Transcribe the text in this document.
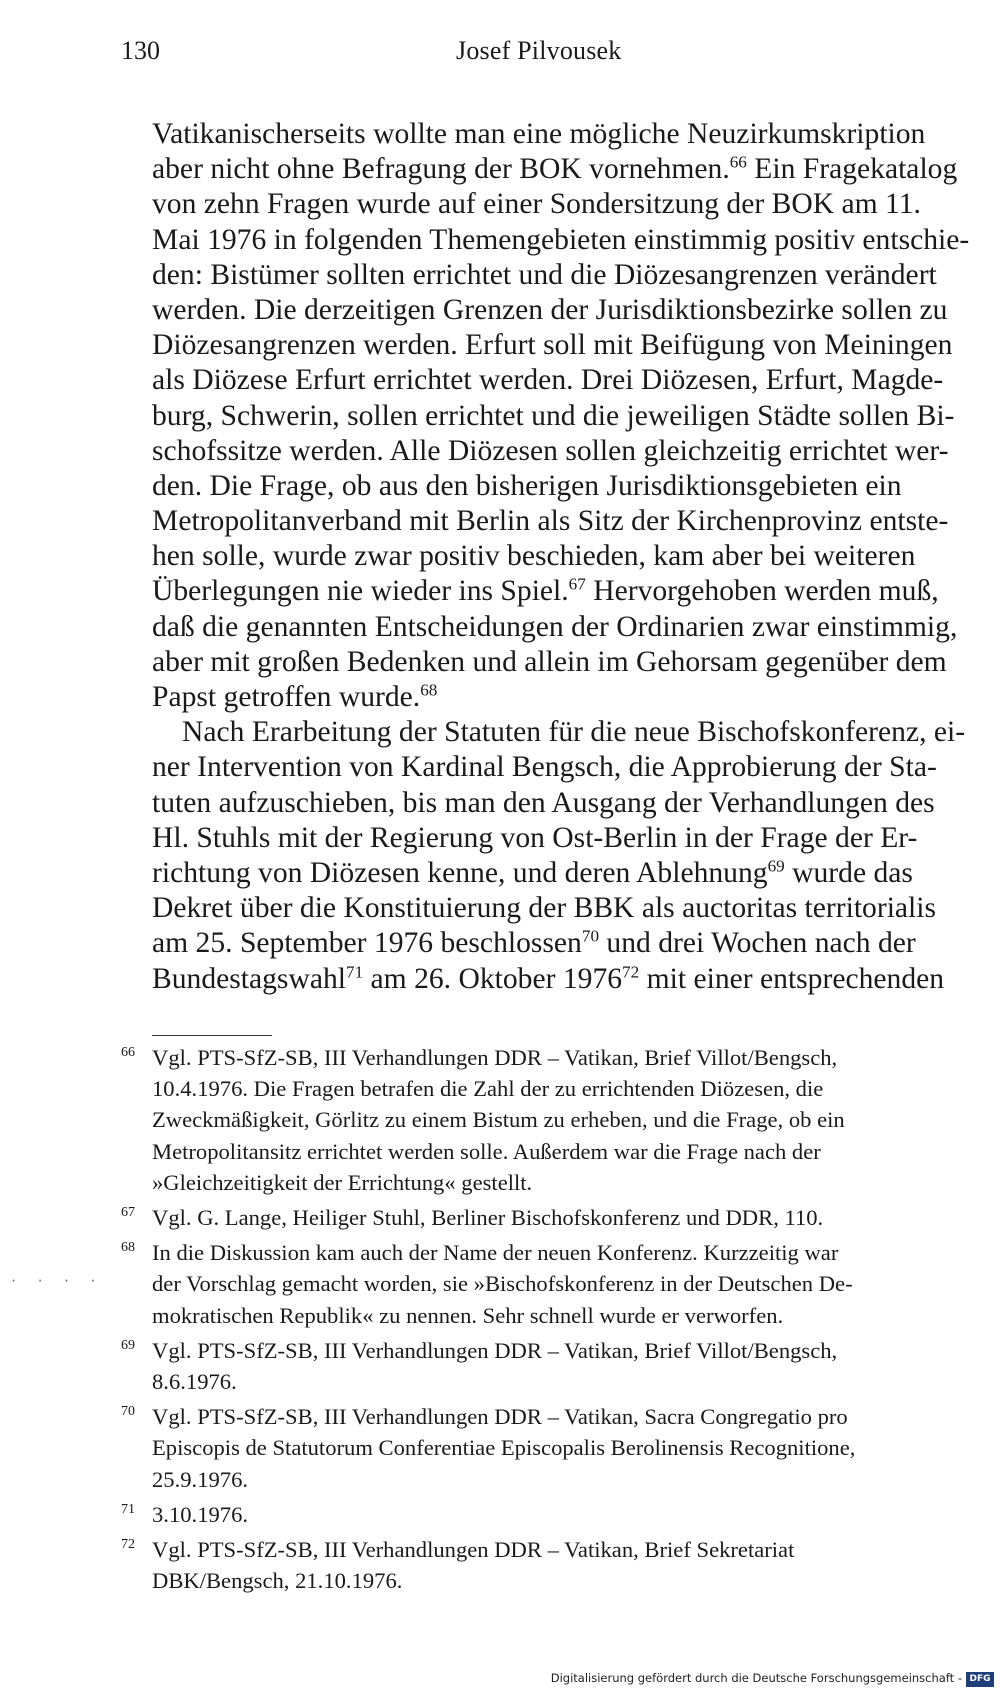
130	Josef Pilvousek
Vatikanischerseits wollte man eine mögliche Neuzirkumskription
aber nicht ohne Befragung der BOK vornehmen.$^{66}$ Ein Fragekatalog
von zehn Fragen wurde auf einer Sondersitzung der BOK am 11.
Mai 1976 in folgenden Themengebieten einstimmig positiv entschie-
den: Bistümer sollten errichtet und die Diözesangrenzen verändert
werden. Die derzeitigen Grenzen der Jurisdiktionsbezirke sollen zu
Diözesangrenzen werden. Erfurt soll mit Beifügung von Meiningen
als Diözese Erfurt errichtet werden. Drei Diözesen, Erfurt, Magde-
burg, Schwerin, sollen errichtet und die jeweiligen Städte sollen Bi-
schofssitze werden. Alle Diözesen sollen gleichzeitig errichtet wer-
den. Die Frage, ob aus den bisherigen Jurisdiktionsgebieten ein
Metropolitanverband mit Berlin als Sitz der Kirchenprovinz entste-
hen solle, wurde zwar positiv beschieden, kam aber bei weiteren
Überlegungen nie wieder ins Spiel.$^{67}$ Hervorgehoben werden muß,
daß die genannten Entscheidungen der Ordinarien zwar einstimmig,
aber mit großen Bedenken und allein im Gehorsam gegenüber dem
Papst getroffen wurde.$^{68}$
Nach Erarbeitung der Statuten für die neue Bischofskonferenz, ei-
ner Intervention von Kardinal Bengsch, die Approbierung der Sta-
tuten aufzuschieben, bis man den Ausgang der Verhandlungen des
Hl. Stuhls mit der Regierung von Ost-Berlin in der Frage der Er-
richtung von Diözesen kenne, und deren Ablehnung$^{69}$ wurde das
Dekret über die Konstituierung der BBK als auctoritas territorialis
am 25. September 1976 beschlossen$^{70}$ und drei Wochen nach der
Bundestagswahl$^{71}$ am 26. Oktober 1976$^{72}$ mit einer entsprechenden
66 Vgl. PTS-SfZ-SB, III Verhandlungen DDR – Vatikan, Brief Villot/Bengsch,
10.4.1976. Die Fragen betrafen die Zahl der zu errichtenden Diözesen, die
Zweckmäßigkeit, Görlitz zu einem Bistum zu erheben, und die Frage, ob ein
Metropolitansitz errichtet werden solle. Außerdem war die Frage nach der
»Gleichzeitigkeit der Errichtung« gestellt.
67 Vgl. G. Lange, Heiliger Stuhl, Berliner Bischofskonferenz und DDR, 110.
68 In die Diskussion kam auch der Name der neuen Konferenz. Kurzzeitig war
der Vorschlag gemacht worden, sie »Bischofskonferenz in der Deutschen De-
mokratischen Republik« zu nennen. Sehr schnell wurde er verworfen.
69 Vgl. PTS-SfZ-SB, III Verhandlungen DDR – Vatikan, Brief Villot/Bengsch,
8.6.1976.
70 Vgl. PTS-SfZ-SB, III Verhandlungen DDR – Vatikan, Sacra Congregatio pro
Episcopis de Statutorum Conferentiae Episcopalis Berolinensis Recognitione,
25.9.1976.
71 3.10.1976.
72 Vgl. PTS-SfZ-SB, III Verhandlungen DDR – Vatikan, Brief Sekretariat
DBK/Bengsch, 21.10.1976.
· · · ·
Digitalisierung gefördert durch die Deutsche Forschungsgemeinschaft - DFG
